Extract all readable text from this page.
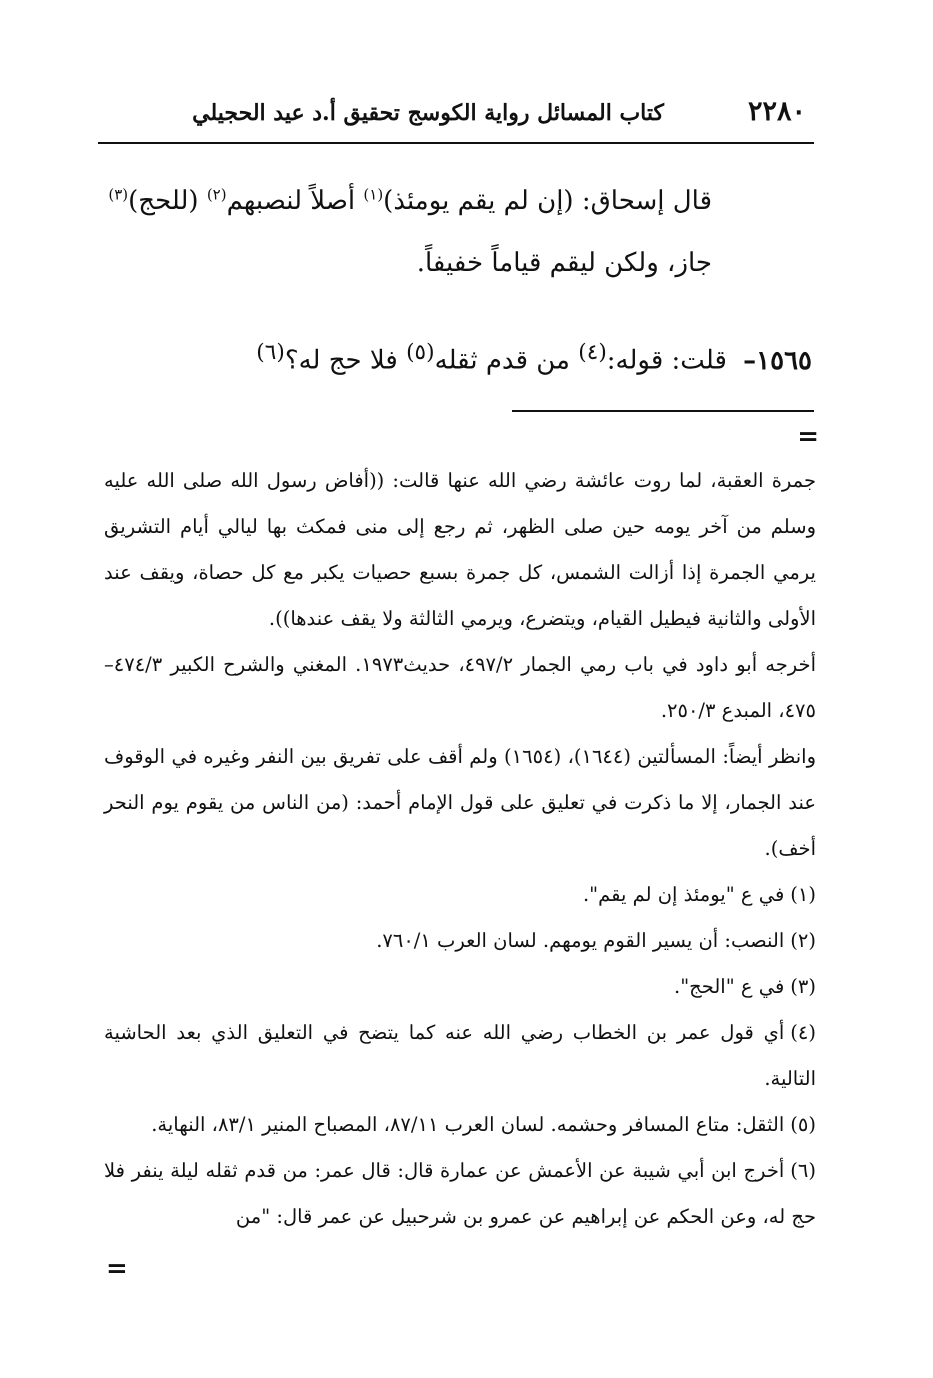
٢٢٨٠
كتاب المسائل رواية الكوسج تحقيق أ.د عيد الحجيلي

قال إسحاق: (إن لم يقم يومئذ)$^{(١)}$ أصلاً لنصبهم$^{(٢)}$ (للحج)$^{(٣)}$

جاز، ولكن ليقم قياماً خفيفاً.

١٥٦٥– قلت: قوله:$^{(٤)}$ من قدم ثقله$^{(٥)}$ فلا حج له؟$^{(٦)}$
=

جمرة العقبة، لما روت عائشة رضي الله عنها قالت: ((أفاض رسول الله صلى الله عليه وسلم من آخر يومه حين صلى الظهر، ثم رجع إلى منى فمكث بها ليالي أيام التشريق يرمي الجمرة إذا أزالت الشمس، كل جمرة بسبع حصيات يكبر مع كل حصاة، ويقف عند الأولى والثانية فيطيل القيام، ويتضرع، ويرمي الثالثة ولا يقف عندها)).

أخرجه أبو داود في باب رمي الجمار ٤٩٧/٢، حديث١٩٧٣. المغني والشرح الكبير ٤٧٤/٣–٤٧٥، المبدع ٢٥٠/٣.

وانظر أيضاً: المسألتين (١٦٤٤)، (١٦٥٤) ولم أقف على تفريق بين النفر وغيره في الوقوف عند الجمار، إلا ما ذكرت في تعليق على قول الإمام أحمد: (من الناس من يقوم يوم النحر أخف).

(١)في ع "يومئذ إن لم يقم".

(٢)النصب: أن يسير القوم يومهم. لسان العرب ٧٦٠/١.

(٣)في ع "الحج".

(٤)أي قول عمر بن الخطاب رضي الله عنه كما يتضح في التعليق الذي بعد الحاشية التالية.

(٥)الثقل: متاع المسافر وحشمه. لسان العرب ٨٧/١١، المصباح المنير ٨٣/١، النهاية.

(٦)أخرج ابن أبي شيبة عن الأعمش عن عمارة قال: قال عمر: من قدم ثقله ليلة ينفر فلا حج له، وعن الحكم عن إبراهيم عن عمرو بن شرحبيل عن عمر قال: "من

=
